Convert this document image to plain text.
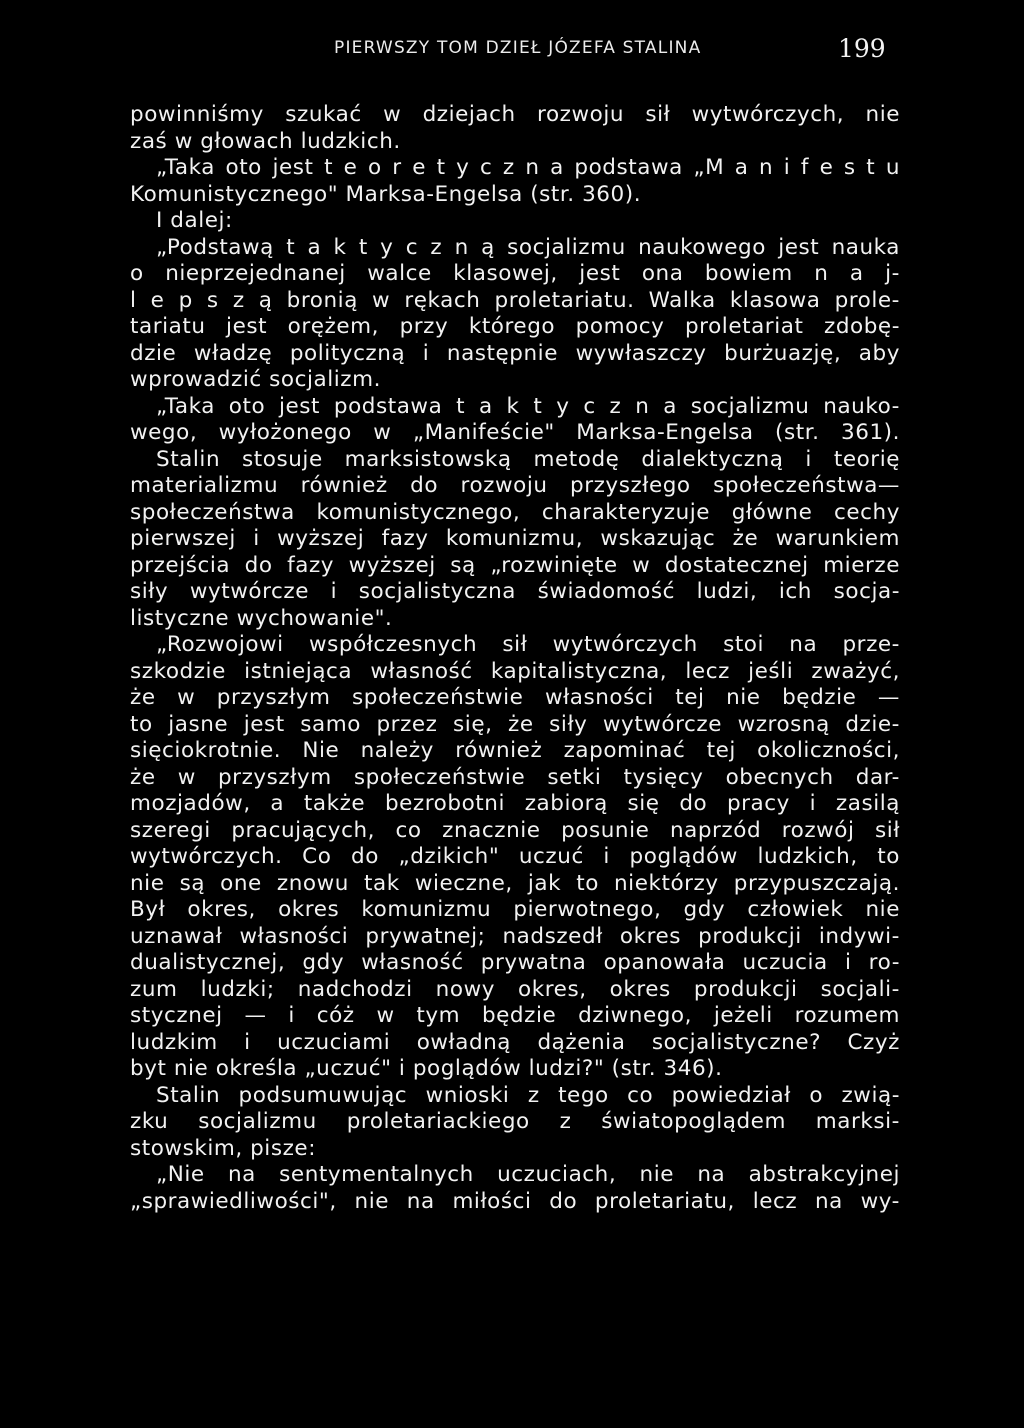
PIERWSZY TOM DZIEŁ JÓZEFA STALINA	199
powinniśmy szukać w dziejach rozwoju sił wytwórczych, nie
zaś w głowach ludzkich.
„Taka oto jest t e o r e t y c z n a podstawa „M a n i f e s t u
Komunistycznego" Marksa-Engelsa (str. 360).
I dalej:
„Podstawą t a k t y c z n ą socjalizmu naukowego jest nauka
o nieprzejednanej walce klasowej, jest ona bowiem n a j-
l e p s z ą bronią w rękach proletariatu. Walka klasowa prole-
tariatu jest orężem, przy którego pomocy proletariat zdobę-
dzie władzę polityczną i następnie wywłaszczy burżuazję, aby
wprowadzić socjalizm.
„Taka oto jest podstawa t a k t y c z n a socjalizmu nauko-
wego, wyłożonego w „Manifeście" Marksa-Engelsa (str. 361).
Stalin stosuje marksistowską metodę dialektyczną i teorię
materializmu również do rozwoju przyszłego społeczeństwa—
społeczeństwa komunistycznego, charakteryzuje główne cechy
pierwszej i wyższej fazy komunizmu, wskazując że warunkiem
przejścia do fazy wyższej są „rozwinięte w dostatecznej mierze
siły wytwórcze i socjalistyczna świadomość ludzi, ich socja-
listyczne wychowanie".
„Rozwojowi współczesnych sił wytwórczych stoi na prze-
szkodzie istniejąca własność kapitalistyczna, lecz jeśli zważyć,
że w przyszłym społeczeństwie własności tej nie będzie —
to jasne jest samo przez się, że siły wytwórcze wzrosną dzie-
sięciokrotnie. Nie należy również zapominać tej okoliczności,
że w przyszłym społeczeństwie setki tysięcy obecnych dar-
mozjadów, a także bezrobotni zabiorą się do pracy i zasilą
szeregi pracujących, co znacznie posunie naprzód rozwój sił
wytwórczych. Co do „dzikich" uczuć i poglądów ludzkich, to
nie są one znowu tak wieczne, jak to niektórzy przypuszczają.
Był okres, okres komunizmu pierwotnego, gdy człowiek nie
uznawał własności prywatnej; nadszedł okres produkcji indywi-
dualistycznej, gdy własność prywatna opanowała uczucia i ro-
zum ludzki; nadchodzi nowy okres, okres produkcji socjali-
stycznej — i cóż w tym będzie dziwnego, jeżeli rozumem
ludzkim i uczuciami owładną dążenia socjalistyczne? Czyż
byt nie określa „uczuć" i poglądów ludzi?" (str. 346).
Stalin podsumuwując wnioski z tego co powiedział o zwią-
zku socjalizmu proletariackiego z światopoglądem marksi-
stowskim, pisze:
„Nie na sentymentalnych uczuciach, nie na abstrakcyjnej
„sprawiedliwości", nie na miłości do proletariatu, lecz na wy-
